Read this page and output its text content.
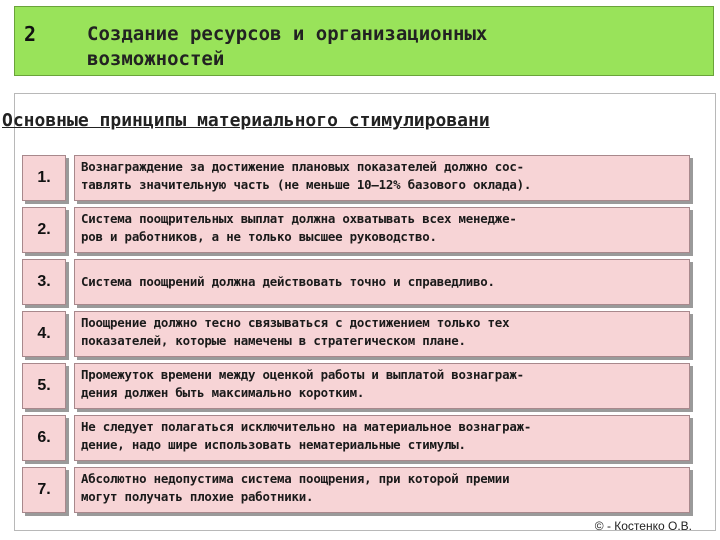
2	Создание ресурсов и организационных
возможностей
Основные принципы материального стимулировани
1.
Вознаграждение за достижение плановых показателей должно сос-
тавлять значительную часть (не меньше 10—12% базового оклада).
2.
Система поощрительных выплат должна охватывать всех менедже-
ров и работников, а не только высшее руководство.
3.	Система поощрений должна действовать точно и справедливо.
4.
Поощрение должно тесно связываться с достижением только тех
показателей, которые намечены в стратегическом плане.
5.
Промежуток времени между оценкой работы и выплатой вознаграж-
дения должен быть максимально коротким.
6.
Не следует полагаться исключительно на материальное вознаграж-
дение, надо шире использовать нематериальные стимулы.
7.
Абсолютно недопустима система поощрения, при которой премии
могут получать плохие работники.
© - Костенко О.В.
